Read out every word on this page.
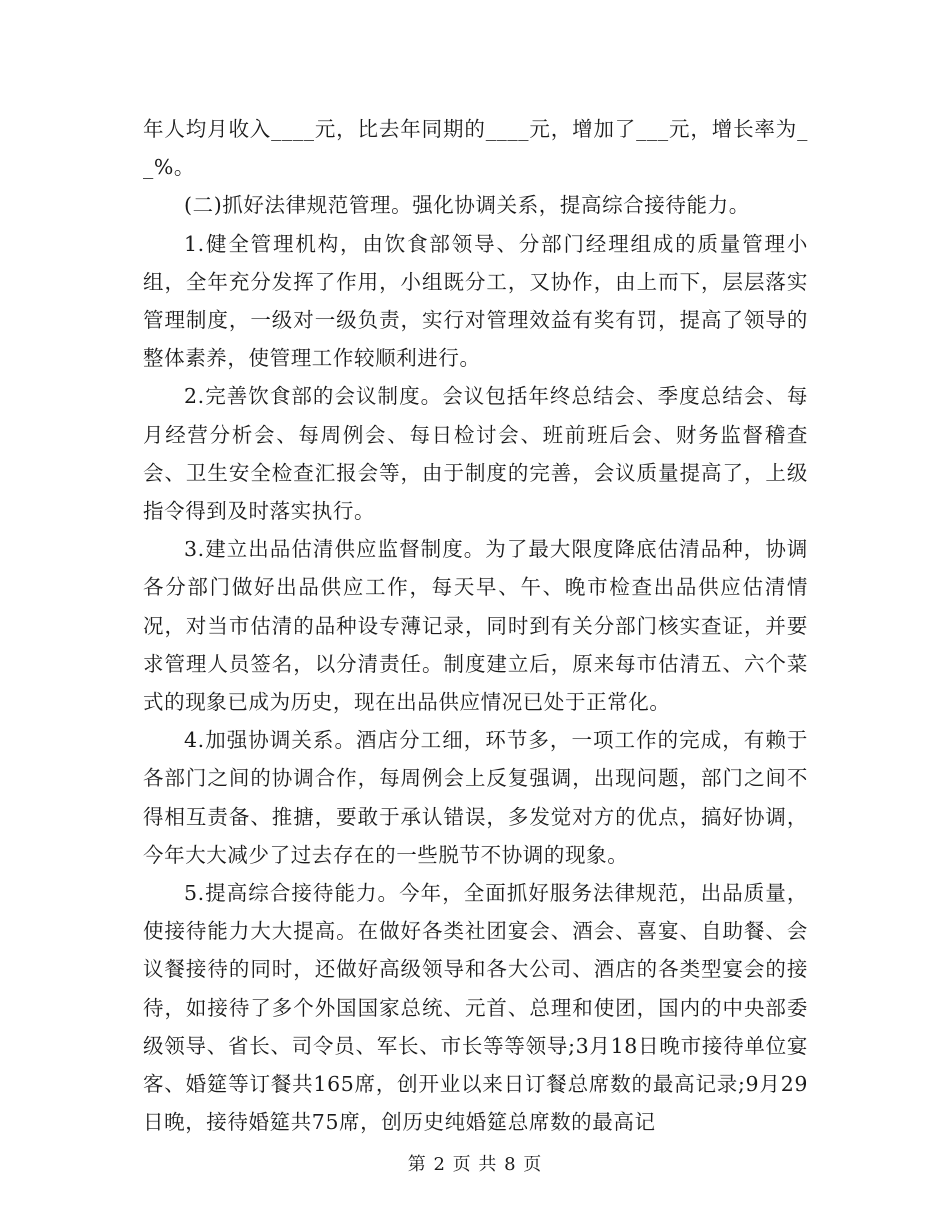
年人均月收入____元，比去年同期的____元，增加了___元，增长率为__%。

(二)抓好法律规范管理。强化协调关系，提高综合接待能力。

1.健全管理机构，由饮食部领导、分部门经理组成的质量管理小组，全年充分发挥了作用，小组既分工，又协作，由上而下，层层落实管理制度，一级对一级负责，实行对管理效益有奖有罚，提高了领导的整体素养，使管理工作较顺利进行。

2.完善饮食部的会议制度。会议包括年终总结会、季度总结会、每月经营分析会、每周例会、每日检讨会、班前班后会、财务监督稽查会、卫生安全检查汇报会等，由于制度的完善，会议质量提高了，上级指令得到及时落实执行。

3.建立出品估清供应监督制度。为了最大限度降底估清品种，协调各分部门做好出品供应工作，每天早、午、晚市检查出品供应估清情况，对当市估清的品种设专薄记录，同时到有关分部门核实查证，并要求管理人员签名，以分清责任。制度建立后，原来每市估清五、六个菜式的现象已成为历史，现在出品供应情况已处于正常化。

4.加强协调关系。酒店分工细，环节多，一项工作的完成，有赖于各部门之间的协调合作，每周例会上反复强调，出现问题，部门之间不得相互责备、推搪，要敢于承认错误，多发觉对方的优点，搞好协调，今年大大减少了过去存在的一些脱节不协调的现象。

5.提高综合接待能力。今年，全面抓好服务法律规范，出品质量，使接待能力大大提高。在做好各类社团宴会、酒会、喜宴、自助餐、会议餐接待的同时，还做好高级领导和各大公司、酒店的各类型宴会的接待，如接待了多个外国国家总统、元首、总理和使团，国内的中央部委级领导、省长、司令员、军长、市长等等领导;3月18日晚市接待单位宴客、婚筵等订餐共165席，创开业以来日订餐总席数的最高记录;9月29日晚，接待婚筵共75席，创历史纯婚筵总席数的最高记

第 2 页 共 8 页
